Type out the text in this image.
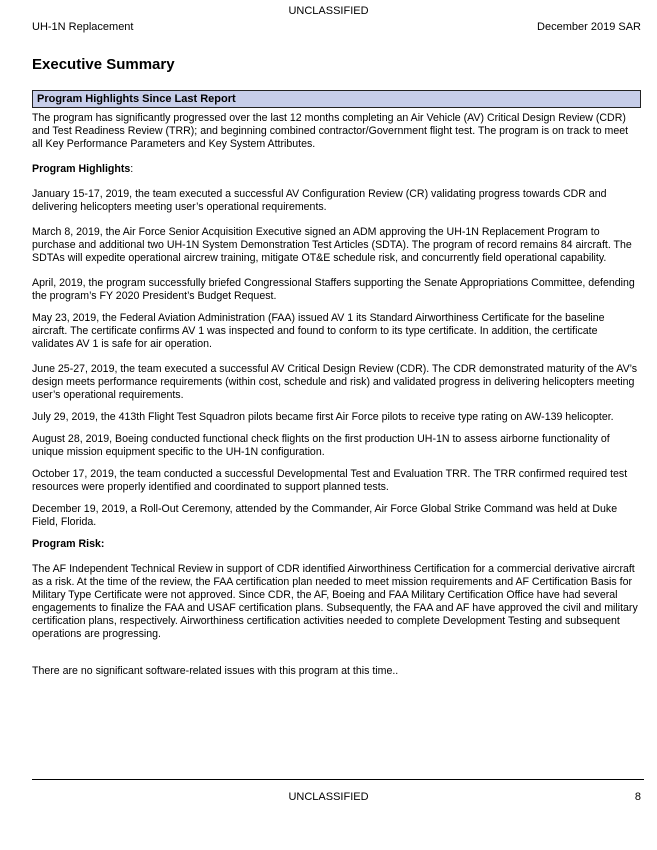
UNCLASSIFIED
UH-1N Replacement	December 2019 SAR
Executive Summary
Program Highlights Since Last Report

The program has significantly progressed over the last 12 months completing an Air Vehicle (AV) Critical Design Review (CDR) and Test Readiness Review (TRR); and beginning combined contractor/Government flight test. The program is on track to meet all Key Performance Parameters and Key System Attributes.

Program Highlights:

January 15-17, 2019, the team executed a successful AV Configuration Review (CR) validating progress towards CDR and delivering helicopters meeting user’s operational requirements.

March 8, 2019, the Air Force Senior Acquisition Executive signed an ADM approving the UH-1N Replacement Program to purchase and additional two UH-1N System Demonstration Test Articles (SDTA). The program of record remains 84 aircraft. The SDTAs will expedite operational aircrew training, mitigate OT&E schedule risk, and concurrently field operational capability.

April, 2019, the program successfully briefed Congressional Staffers supporting the Senate Appropriations Committee, defending the program’s FY 2020 President’s Budget Request.

May 23, 2019, the Federal Aviation Administration (FAA) issued AV 1 its Standard Airworthiness Certificate for the baseline aircraft. The certificate confirms AV 1 was inspected and found to conform to its type certificate. In addition, the certificate validates AV 1 is safe for air operation.

June 25-27, 2019, the team executed a successful AV Critical Design Review (CDR). The CDR demonstrated maturity of the AV’s design meets performance requirements (within cost, schedule and risk) and validated progress in delivering helicopters meeting user’s operational requirements.

July 29, 2019, the 413th Flight Test Squadron pilots became first Air Force pilots to receive type rating on AW-139 helicopter.

August 28, 2019, Boeing conducted functional check flights on the first production UH-1N to assess airborne functionality of unique mission equipment specific to the UH-1N configuration.

October 17, 2019, the team conducted a successful Developmental Test and Evaluation TRR. The TRR confirmed required test resources were properly identified and coordinated to support planned tests.

December 19, 2019, a Roll-Out Ceremony, attended by the Commander, Air Force Global Strike Command was held at Duke Field, Florida.

Program Risk:

The AF Independent Technical Review in support of CDR identified Airworthiness Certification for a commercial derivative aircraft as a risk. At the time of the review, the FAA certification plan needed to meet mission requirements and AF Certification Basis for Military Type Certificate were not approved. Since CDR, the AF, Boeing and FAA Military Certification Office have had several engagements to finalize the FAA and USAF certification plans. Subsequently, the FAA and AF have approved the civil and military certification plans, respectively. Airworthiness certification activities needed to complete Development Testing and subsequent operations are progressing.

There are no significant software-related issues with this program at this time..

UNCLASSIFIED	8
